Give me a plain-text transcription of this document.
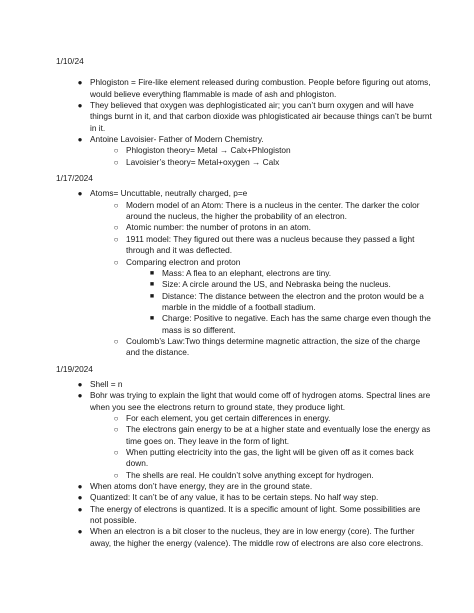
1/10/24
● Phlogiston = Fire-like element released during combustion. People before figuring out atoms, would believe everything flammable is made of ash and phlogiston.
● They believed that oxygen was dephlogisticated air; you can’t burn oxygen and will have things burnt in it, and that carbon dioxide was phlogisticated air because things can’t be burnt in it.
● Antoine Lavoisier- Father of Modern Chemistry.
○ Phlogiston theory= Metal → Calx+Phlogiston
○ Lavoisier’s theory= Metal+oxygen → Calx
1/17/2024
● Atoms= Uncuttable, neutrally charged, p=e
○ Modern model of an Atom: There is a nucleus in the center. The darker the color around the nucleus, the higher the probability of an electron.
○ Atomic number: the number of protons in an atom.
○ 1911 model: They figured out there was a nucleus because they passed a light through and it was deflected.
○ Comparing electron and proton
■ Mass: A flea to an elephant, electrons are tiny.
■ Size: A circle around the US, and Nebraska being the nucleus.
■ Distance: The distance between the electron and the proton would be a marble in the middle of a football stadium.
■ Charge: Positive to negative. Each has the same charge even though the mass is so different.
○ Coulomb’s Law:Two things determine magnetic attraction, the size of the charge and the distance.
1/19/2024
● Shell = n
● Bohr was trying to explain the light that would come off of hydrogen atoms. Spectral lines are when you see the electrons return to ground state, they produce light.
○ For each element, you get certain differences in energy.
○ The electrons gain energy to be at a higher state and eventually lose the energy as time goes on. They leave in the form of light.
○ When putting electricity into the gas, the light will be given off as it comes back down.
○ The shells are real. He couldn’t solve anything except for hydrogen.
● When atoms don’t have energy, they are in the ground state.
● Quantized: It can’t be of any value, it has to be certain steps. No half way step.
● The energy of electrons is quantized. It is a specific amount of light. Some possibilities are not possible.
● When an electron is a bit closer to the nucleus, they are in low energy (core). The further away, the higher the energy (valence). The middle row of electrons are also core electrons.
